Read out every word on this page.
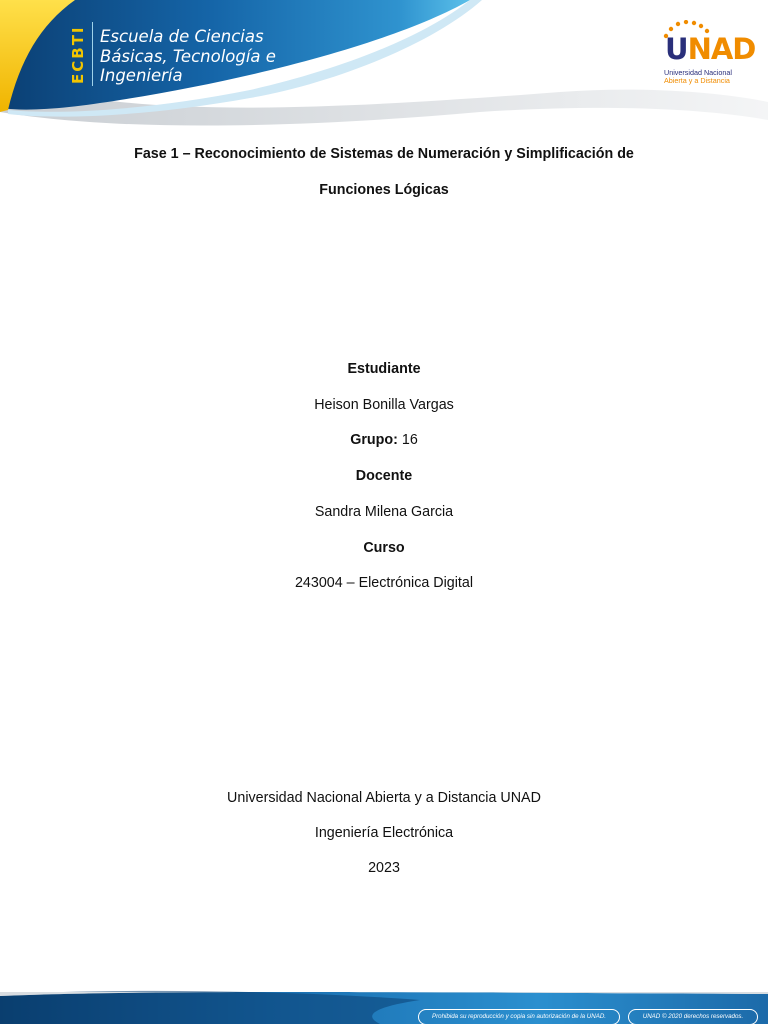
ECBTI Escuela de Ciencias
Básicas, Tecnología e
Ingeniería
UNAD
Universidad Nacional
Abierta y a Distancia
Fase 1 – Reconocimiento de Sistemas de Numeración y Simplificación de
Funciones Lógicas
Estudiante
Heison Bonilla Vargas
Grupo: 16
Docente
Sandra Milena Garcia
Curso
243004 – Electrónica Digital
Universidad Nacional Abierta y a Distancia UNAD
Ingeniería Electrónica
2023
Prohibida su reproducción y copia sin autorización de la UNAD.	UNAD © 2020 derechos reservados.
